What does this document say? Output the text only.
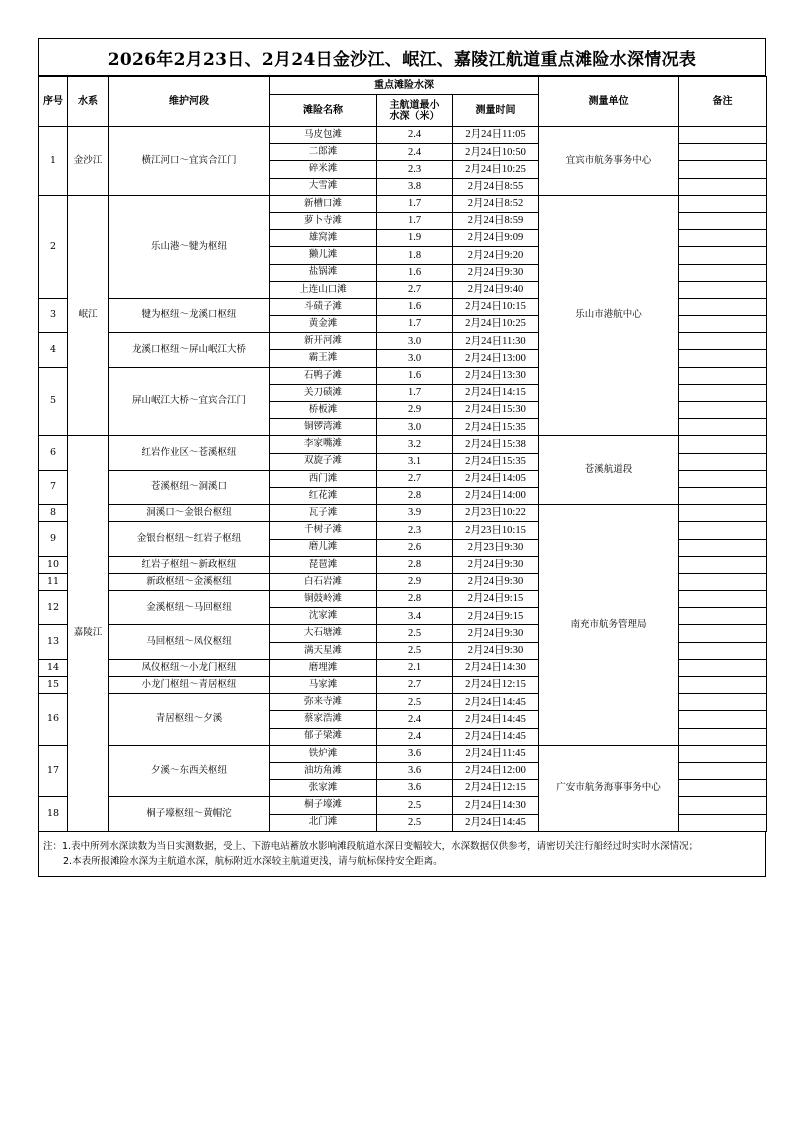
2026年2月23日、2月24日金沙江、岷江、嘉陵江航道重点滩险水深情况表
序号	水系	维护河段	重点滩险水深			测量单位	备注
			滩险名称	主航道最小
水深（米）	测量时间		
1	金沙江	横江河口～宜宾合江门	马皮包滩	2.4	2月24日11:05	宜宾市航务事务中心	
			二郎滩	2.4	2月24日10:50		
			碎米滩	2.3	2月24日10:25		
			大雪滩	3.8	2月24日8:55		
2	岷江	乐山港～犍为枢纽	新槽口滩	1.7	2月24日8:52	乐山市港航中心	
			萝卜寺滩	1.7	2月24日8:59		
			雄窝滩	1.9	2月24日9:09		
			獭儿滩	1.8	2月24日9:20		
			盐锅滩	1.6	2月24日9:30		
			上连山口滩	2.7	2月24日9:40		
3		犍为枢纽～龙溪口枢纽	斗碛子滩	1.6	2月24日10:15		
			黄金滩	1.7	2月24日10:25		
4		龙溪口枢纽～屏山岷江大桥	新开河滩	3.0	2月24日11:30		
			霸王滩	3.0	2月24日13:00		
5		屏山岷江大桥～宜宾合江门	石鸭子滩	1.6	2月24日13:30		
			关刀碛滩	1.7	2月24日14:15		
			桥板滩	2.9	2月24日15:30		
			铜锣湾滩	3.0	2月24日15:35		
6	嘉陵江	红岩作业区～苍溪枢纽	李家嘴滩	3.2	2月24日15:38	苍溪航道段	
			双旋子滩	3.1	2月24日15:35		
7		苍溪枢纽～洞溪口	西门滩	2.7	2月24日14:05		
			红花滩	2.8	2月24日14:00		
8		洞溪口～金银台枢纽	瓦子滩	3.9	2月23日10:22	南充市航务管理局	
9		金银台枢纽～红岩子枢纽	千树子滩	2.3	2月23日10:15		
			磨儿滩	2.6	2月23日9:30		
10		红岩子枢纽～新政枢纽	琵琶滩	2.8	2月24日9:30		
11		新政枢纽～金溪枢纽	白石岩滩	2.9	2月24日9:30		
12		金溪枢纽～马回枢纽	铜鼓岭滩	2.8	2月24日9:15		
			沈家滩	3.4	2月24日9:15		
13		马回枢纽～凤仪枢纽	大石塘滩	2.5	2月24日9:30		
			满天星滩	2.5	2月24日9:30		
14		凤仪枢纽～小龙门枢纽	磨埋滩	2.1	2月24日14:30		
15		小龙门枢纽～青居枢纽	马家滩	2.7	2月24日12:15		
16		青居枢纽～夕溪	弥来寺滩	2.5	2月24日14:45		
			蔡家浩滩	2.4	2月24日14:45		
			郁子梁滩	2.4	2月24日14:45		
17		夕溪～东西关枢纽	铁炉滩	3.6	2月24日11:45	广安市航务海事事务中心	
			油坊角滩	3.6	2月24日12:00		
			张家滩	3.6	2月24日12:15		
18		桐子壕枢纽～黄帽沱	桐子壕滩	2.5	2月24日14:30		
			北门滩	2.5	2月24日14:45		
注：1.表中所列水深读数为当日实测数据，受上、下游电站蓄放水影响滩段航道水深日变幅较大，水深数据仅供参考，请密切关注行船经过时实时水深情况；
2.本表所报滩险水深为主航道水深，航标附近水深较主航道更浅，请与航标保持安全距离。
